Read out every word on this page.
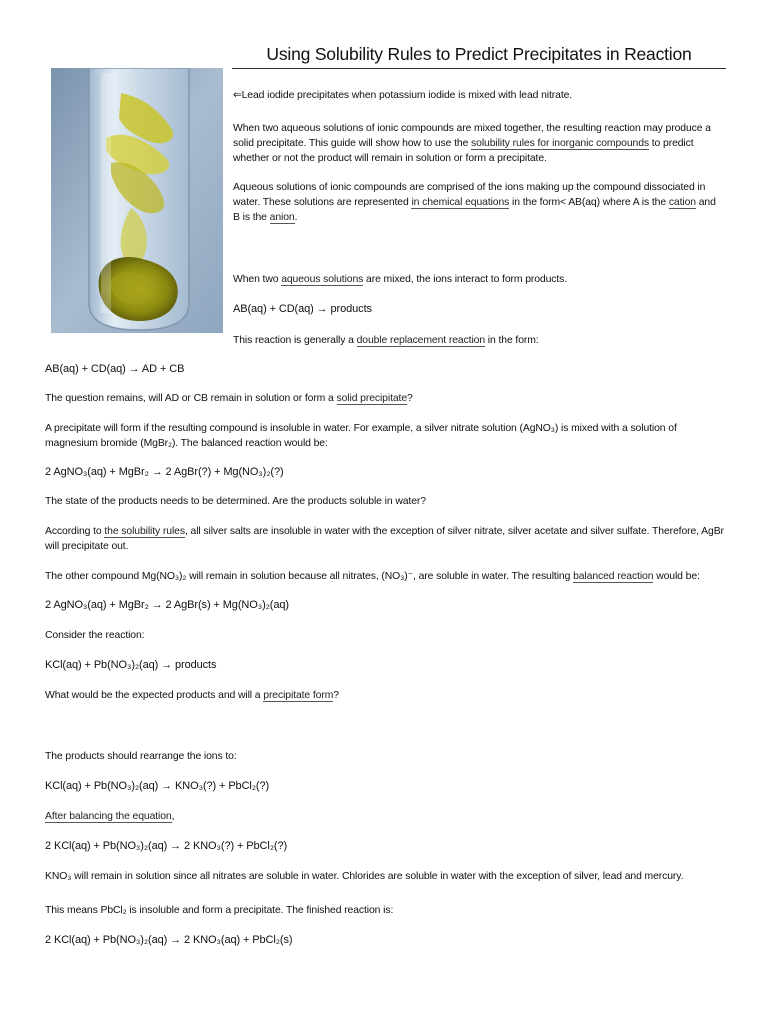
Using Solubility Rules to Predict Precipitates in Reaction
⇐Lead iodide precipitates when potassium iodide is mixed with lead nitrate.
When two aqueous solutions of ionic compounds are mixed together, the resulting reaction may produce a solid precipitate. This guide will show how to use the solubility rules for inorganic compounds to predict whether or not the product will remain in solution or form a precipitate.
Aqueous solutions of ionic compounds are comprised of the ions making up the compound dissociated in water. These solutions are represented in chemical equations in the form< AB(aq) where A is the cation and B is the anion.
When two aqueous solutions are mixed, the ions interact to form products.
AB(aq) + CD(aq) → products
This reaction is generally a double replacement reaction in the form:
AB(aq) + CD(aq) → AD + CB
The question remains, will AD or CB remain in solution or form a solid precipitate?
A precipitate will form if the resulting compound is insoluble in water. For example, a silver nitrate solution (AgNO₃) is mixed with a solution of magnesium bromide (MgBr₂). The balanced reaction would be:
2 AgNO₃(aq) + MgBr₂ → 2 AgBr(?) + Mg(NO₃)₂(?)
The state of the products needs to be determined. Are the products soluble in water?
According to the solubility rules, all silver salts are insoluble in water with the exception of silver nitrate, silver acetate and silver sulfate. Therefore, AgBr will precipitate out.
The other compound Mg(NO₃)₂ will remain in solution because all nitrates, (NO₃)⁻, are soluble in water. The resulting balanced reaction would be:
2 AgNO₃(aq) + MgBr₂ → 2 AgBr(s) + Mg(NO₃)₂(aq)
Consider the reaction:
KCl(aq) + Pb(NO₃)₂(aq) → products
What would be the expected products and will a precipitate form?
The products should rearrange the ions to:
KCl(aq) + Pb(NO₃)₂(aq) → KNO₃(?) + PbCl₂(?)
After balancing the equation,
2 KCl(aq) + Pb(NO₃)₂(aq) → 2 KNO₃(?) + PbCl₂(?)
KNO₃ will remain in solution since all nitrates are soluble in water. Chlorides are soluble in water with the exception of silver, lead and mercury.
This means PbCl₂ is insoluble and form a precipitate. The finished reaction is:
2 KCl(aq) + Pb(NO₃)₂(aq) → 2 KNO₃(aq) + PbCl₂(s)
